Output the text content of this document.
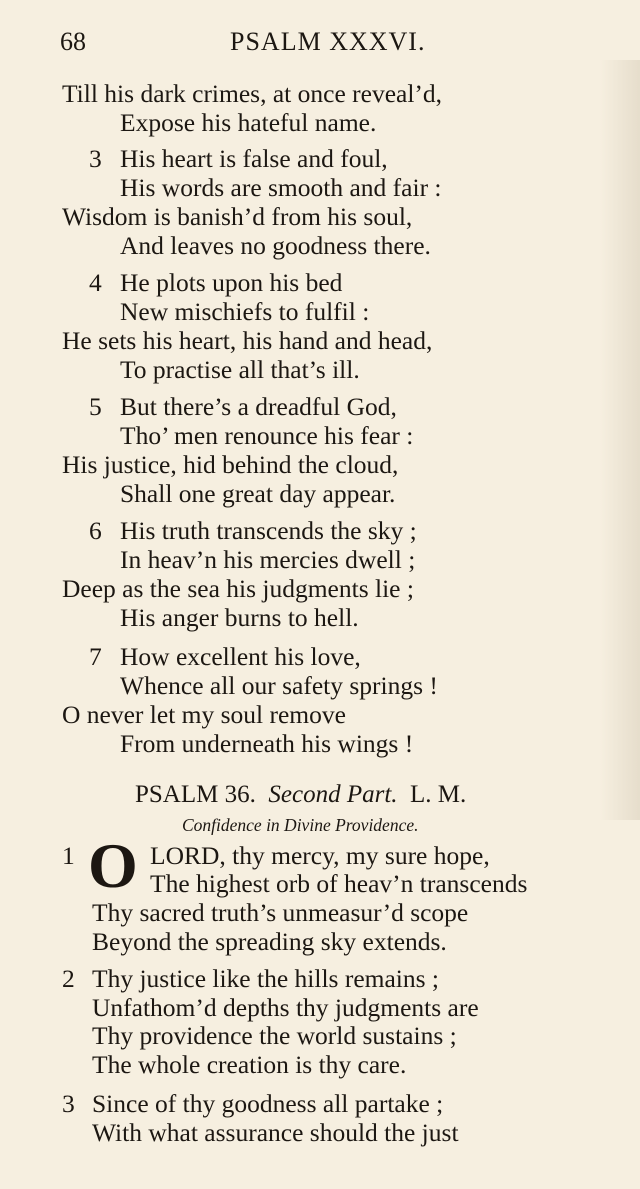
68	PSALM XXXVI.
Till his dark crimes, at once reveal’d,
Expose his hateful name.
3 His heart is false and foul,
His words are smooth and fair :
Wisdom is banish’d from his soul,
And leaves no goodness there.
4 He plots upon his bed
New mischiefs to fulfil :
He sets his heart, his hand and head,
To practise all that’s ill.
5 But there’s a dreadful God,
Tho’ men renounce his fear :
His justice, hid behind the cloud,
Shall one great day appear.
6 His truth transcends the sky ;
In heav’n his mercies dwell ;
Deep as the sea his judgments lie ;
His anger burns to hell.
7 How excellent his love,
Whence all our safety springs !
O never let my soul remove
From underneath his wings !
PSALM 36. Second Part. L. M.
Confidence in Divine Providence.
1 O LORD, thy mercy, my sure hope,
The highest orb of heav’n transcends
Thy sacred truth’s unmeasur’d scope
Beyond the spreading sky extends.
2 Thy justice like the hills remains ;
Unfathom’d depths thy judgments are
Thy providence the world sustains ;
The whole creation is thy care.
3 Since of thy goodness all partake ;
With what assurance should the just
